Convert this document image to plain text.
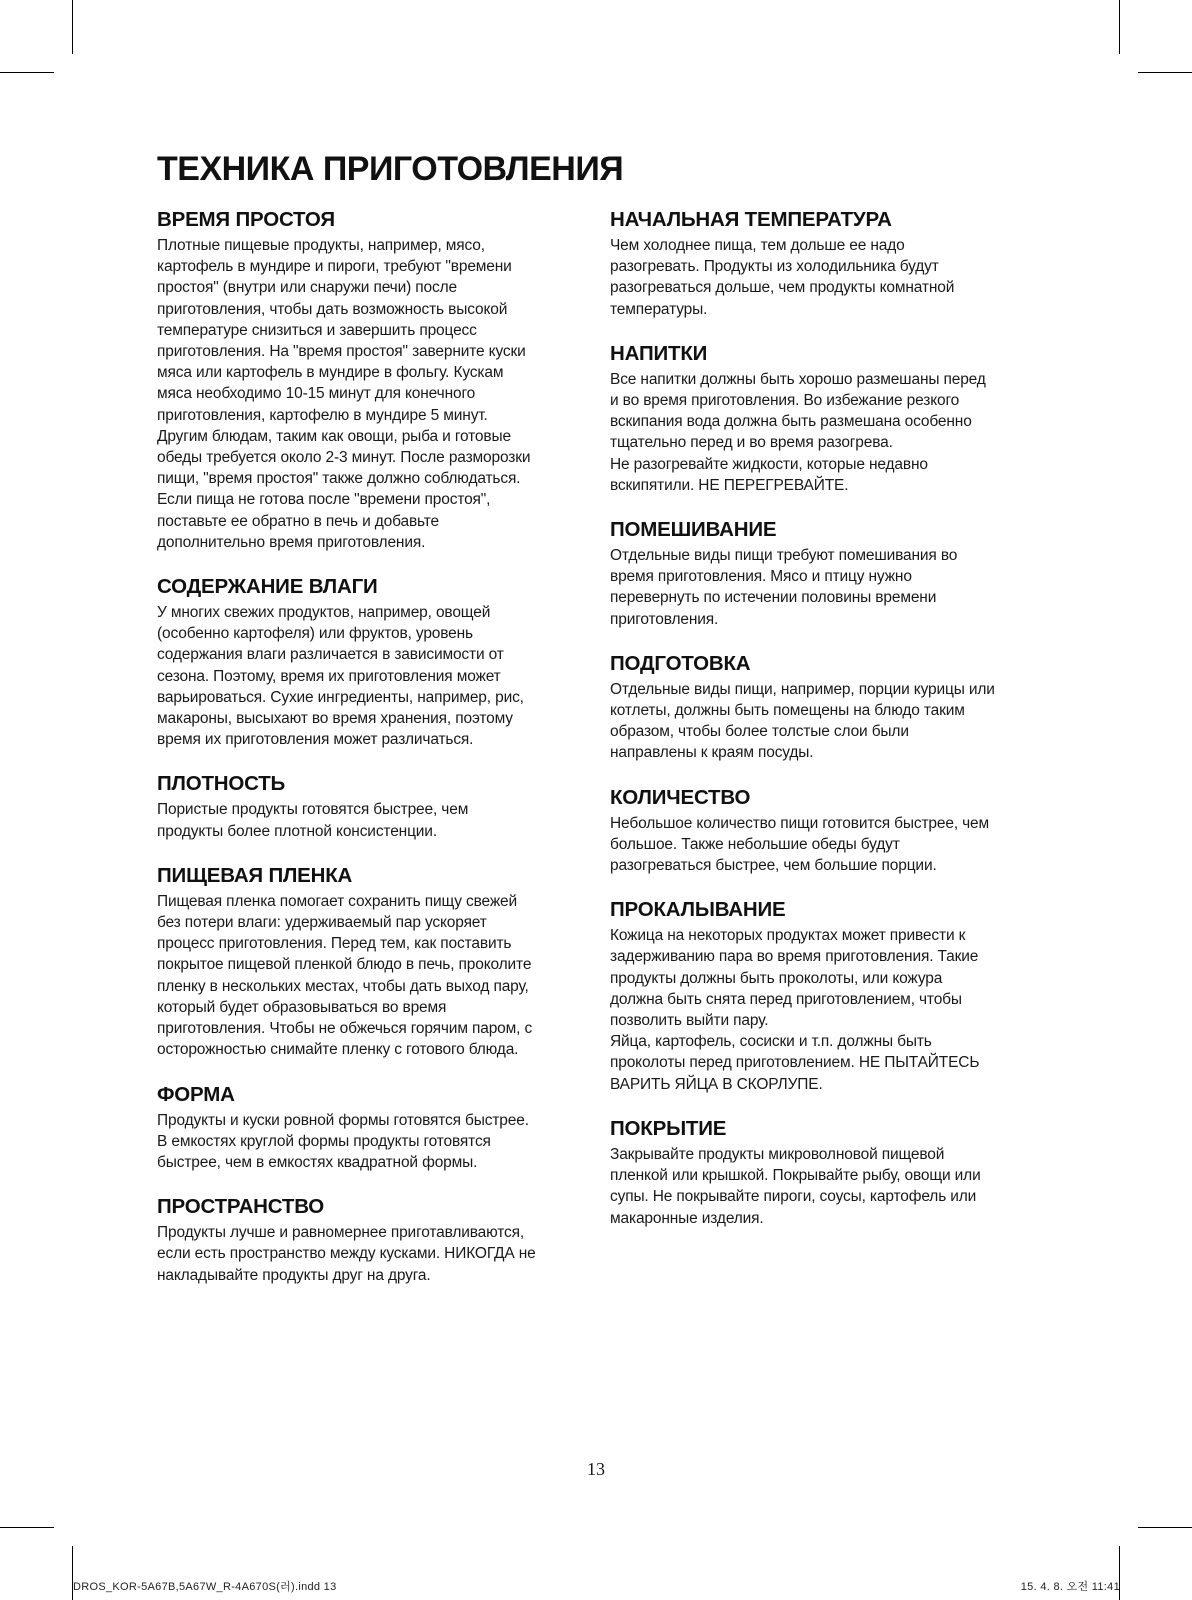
ТЕХНИКА ПРИГОТОВЛЕНИЯ
ВРЕМЯ ПРОСТОЯ

Плотные пищевые продукты, например, мясо,
картофель в мундире и пироги, требуют "времени
простоя" (внутри или снаружи печи) после
приготовления, чтобы дать возможность высокой
температуре снизиться и завершить процесс
приготовления. На "время простоя" заверните куски
мяса или картофель в мундире в фольгу. Кускам
мяса необходимо 10-15 минут для конечного
приготовления, картофелю в мундире 5 минут.
Другим блюдам, таким как овощи, рыба и готовые
обеды требуется около 2-3 минут. После разморозки
пищи, "время простоя" также должно соблюдаться.
Если пища не готова после "времени простоя",
поставьте ее обратно в печь и добавьте
дополнительно время приготовления.

СОДЕРЖАНИЕ ВЛАГИ

У многих свежих продуктов, например, овощей
(особенно картофеля) или фруктов, уровень
содержания влаги различается в зависимости от
сезона. Поэтому, время их приготовления может
варьироваться. Сухие ингредиенты, например, рис,
макароны, высыхают во время хранения, поэтому
время их приготовления может различаться.

ПЛОТНОСТЬ

Пористые продукты готовятся быстрее, чем
продукты более плотной консистенции.

ПИЩЕВАЯ ПЛЕНКА

Пищевая пленка помогает сохранить пищу свежей
без потери влаги: удерживаемый пар ускоряет
процесс приготовления. Перед тем, как поставить
покрытое пищевой пленкой блюдо в печь, проколите
пленку в нескольких местах, чтобы дать выход пару,
который будет образовываться во время
приготовления. Чтобы не обжечься горячим паром, с
осторожностью снимайте пленку с готового блюда.

ФОРМА

Продукты и куски ровной формы готовятся быстрее.
В емкостях круглой формы продукты готовятся
быстрее, чем в емкостях квадратной формы.

ПРОСТРАНСТВО

Продукты лучше и равномернее приготавливаются,
если есть пространство между кусками. НИКОГДА не
накладывайте продукты друг на друга.

НАЧАЛЬНАЯ ТЕМПЕРАТУРА

Чем холоднее пища, тем дольше ее надо
разогревать. Продукты из холодильника будут
разогреваться дольше, чем продукты комнатной
температуры.

НАПИТКИ

Все напитки должны быть хорошо размешаны перед
и во время приготовления. Во избежание резкого
вскипания вода должна быть размешана особенно
тщательно перед и во время разогрева.
Не разогревайте жидкости, которые недавно
вскипятили. НЕ ПЕРЕГРЕВАЙТЕ.

ПОМЕШИВАНИЕ

Отдельные виды пищи требуют помешивания во
время приготовления. Мясо и птицу нужно
перевернуть по истечении половины времени
приготовления.

ПОДГОТОВКА

Отдельные виды пищи, например, порции курицы или
котлеты, должны быть помещены на блюдо таким
образом, чтобы более толстые слои были
направлены к краям посуды.

КОЛИЧЕСТВО

Небольшое количество пищи готовится быстрее, чем
большое. Также небольшие обеды будут
разогреваться быстрее, чем большие порции.

ПРОКАЛЫВАНИЕ

Кожица на некоторых продуктах может привести к
задерживанию пара во время приготовления. Такие
продукты должны быть проколоты, или кожура
должна быть снята перед приготовлением, чтобы
позволить выйти пару.
Яйца, картофель, сосиски и т.п. должны быть
проколоты перед приготовлением. НЕ ПЫТАЙТЕСЬ
ВАРИТЬ ЯЙЦА В СКОРЛУПЕ.

ПОКРЫТИЕ

Закрывайте продукты микроволновой пищевой
пленкой или крышкой. Покрывайте рыбу, овощи или
супы. Не покрывайте пироги, соусы, картофель или
макаронные изделия.

13
DROS_KOR-5A67B,5A67W_R-4A670S(러).indd 13	15. 4. 8. 오전 11:41
